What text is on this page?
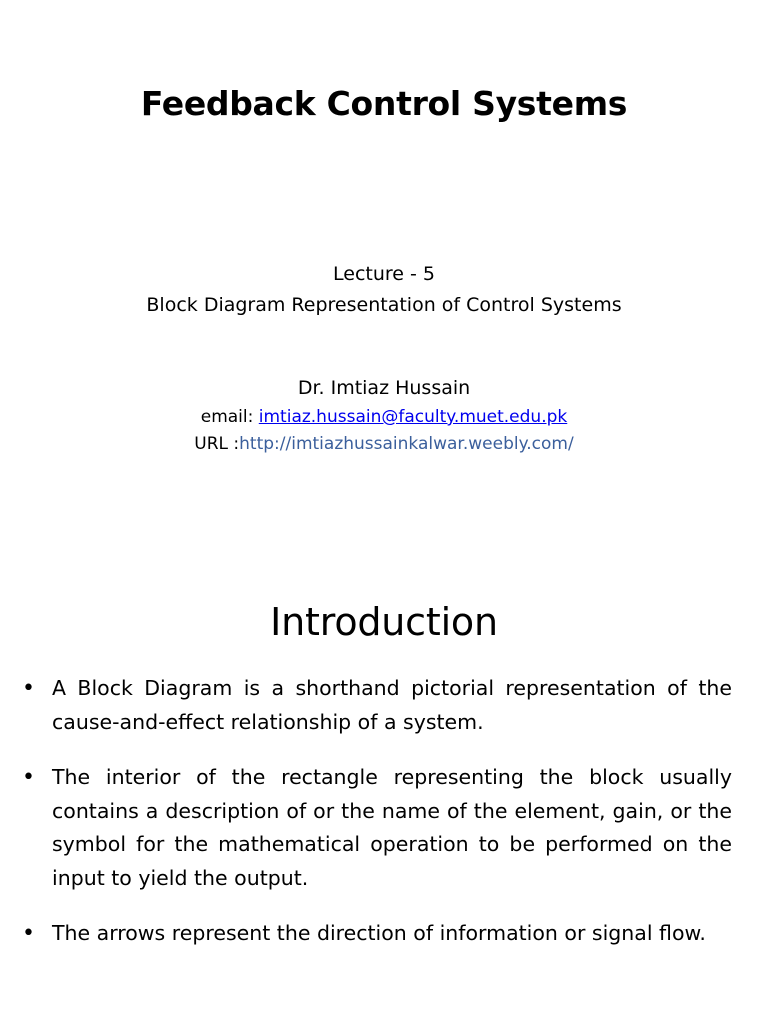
Feedback Control Systems
Lecture - 5
Block Diagram Representation of Control Systems
Dr. Imtiaz Hussain
email: imtiaz.hussain@faculty.muet.edu.pk
URL :http://imtiazhussainkalwar.weebly.com/
Introduction
• A Block Diagram is a shorthand pictorial representation of the cause-and-effect relationship of a system.
• The interior of the rectangle representing the block usually contains a description of or the name of the element, gain, or the symbol for the mathematical operation to be performed on the input to yield the output.
• The arrows represent the direction of information or signal flow.
